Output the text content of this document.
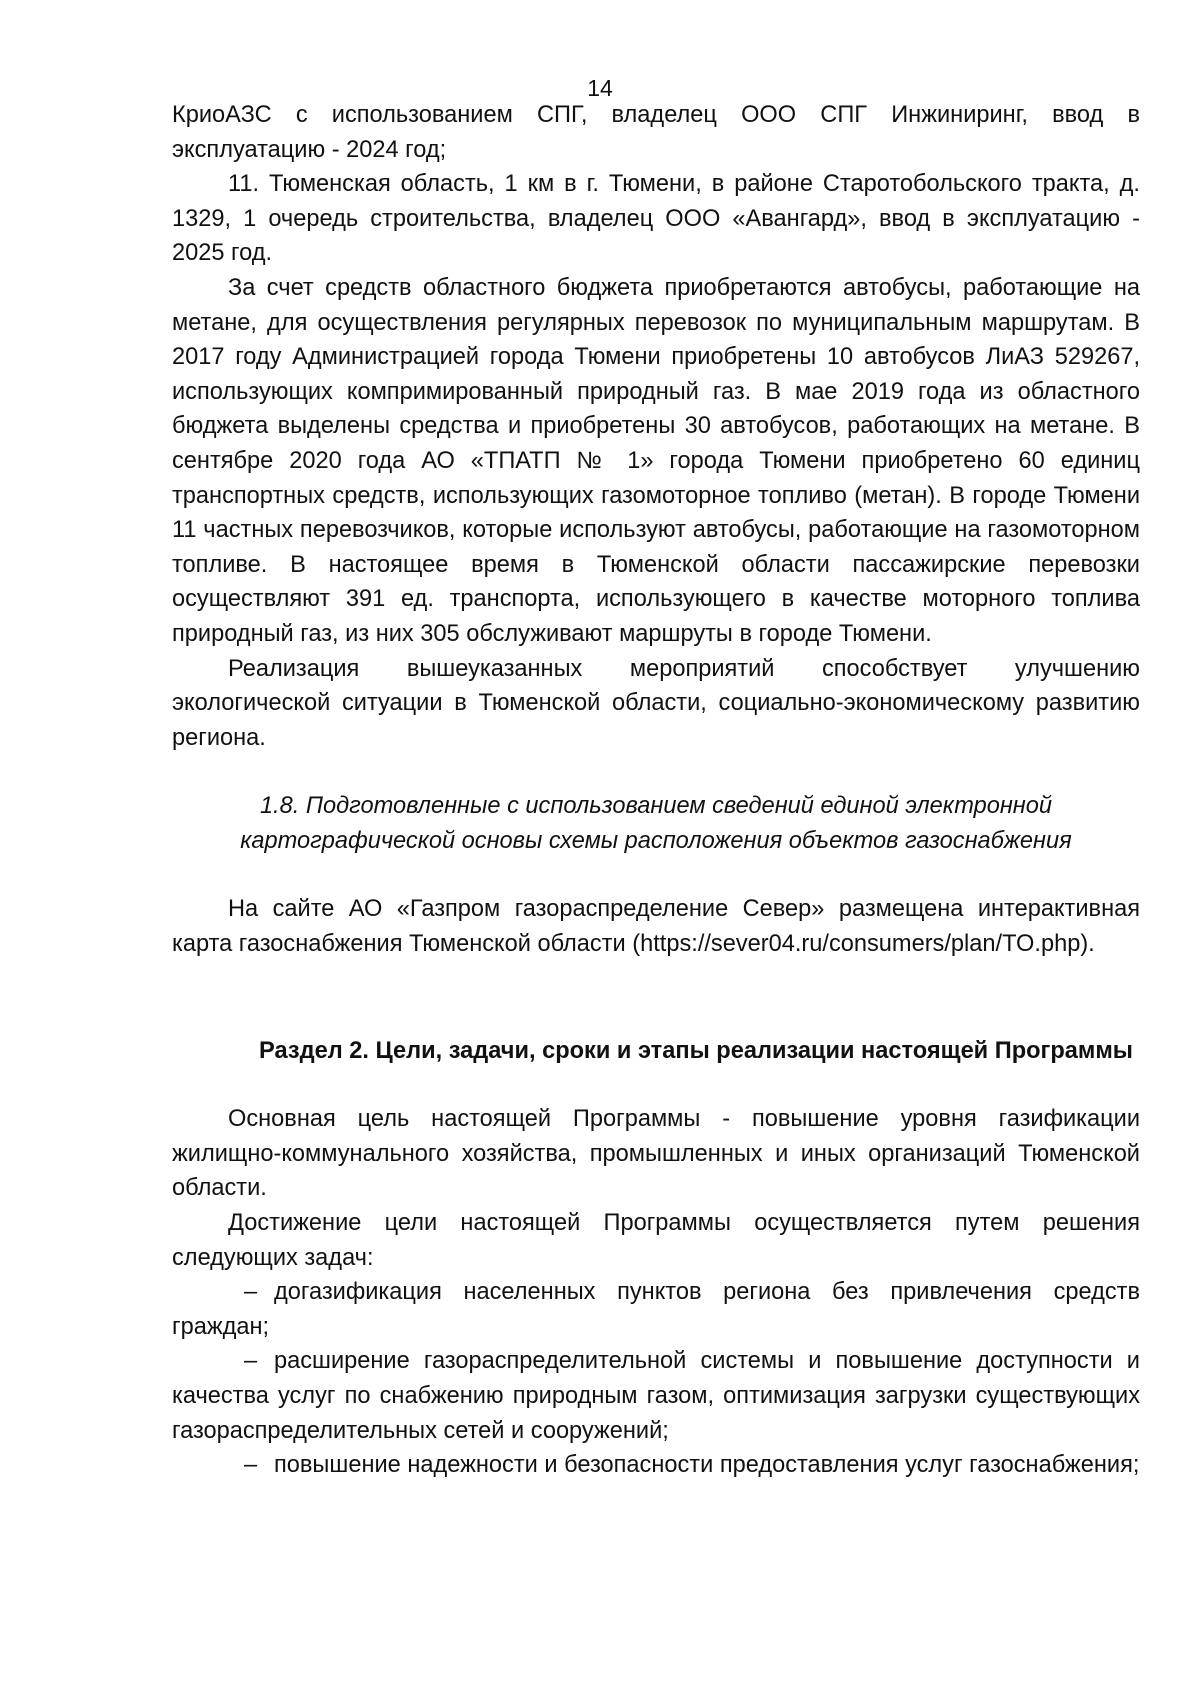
14

КриоАЗС с использованием СПГ, владелец ООО СПГ Инжиниринг, ввод в эксплуатацию - 2024 год;

11. Тюменская область, 1 км в г. Тюмени, в районе Старотобольского тракта, д. 1329, 1 очередь строительства, владелец ООО «Авангард», ввод в эксплуатацию - 2025 год.

За счет средств областного бюджета приобретаются автобусы, работающие на метане, для осуществления регулярных перевозок по муниципальным маршрутам. В 2017 году Администрацией города Тюмени приобретены 10 автобусов ЛиАЗ 529267, использующих компримированный природный газ. В мае 2019 года из областного бюджета выделены средства и приобретены 30 автобусов, работающих на метане. В сентябре 2020 года АО «ТПАТП № 1» города Тюмени приобретено 60 единиц транспортных средств, использующих газомоторное топливо (метан). В городе Тюмени 11 частных перевозчиков, которые используют автобусы, работающие на газомоторном топливе. В настоящее время в Тюменской области пассажирские перевозки осуществляют 391 ед. транспорта, использующего в качестве моторного топлива природный газ, из них 305 обслуживают маршруты в городе Тюмени.

Реализация вышеуказанных мероприятий способствует улучшению экологической ситуации в Тюменской области, социально-экономическому развитию региона.

1.8. Подготовленные с использованием сведений единой электронной картографической основы схемы расположения объектов газоснабжения

На сайте АО «Газпром газораспределение Север» размещена интерактивная карта газоснабжения Тюменской области (https://sever04.ru/consumers/plan/TO.php).

Раздел 2. Цели, задачи, сроки и этапы реализации настоящей Программы

Основная цель настоящей Программы - повышение уровня газификации жилищно-коммунального хозяйства, промышленных и иных организаций Тюменской области.

Достижение цели настоящей Программы осуществляется путем решения следующих задач:

– догазификация населенных пунктов региона без привлечения средств граждан;

– расширение газораспределительной системы и повышение доступности и качества услуг по снабжению природным газом, оптимизация загрузки существующих газораспределительных сетей и сооружений;

– повышение надежности и безопасности предоставления услуг газоснабжения;
